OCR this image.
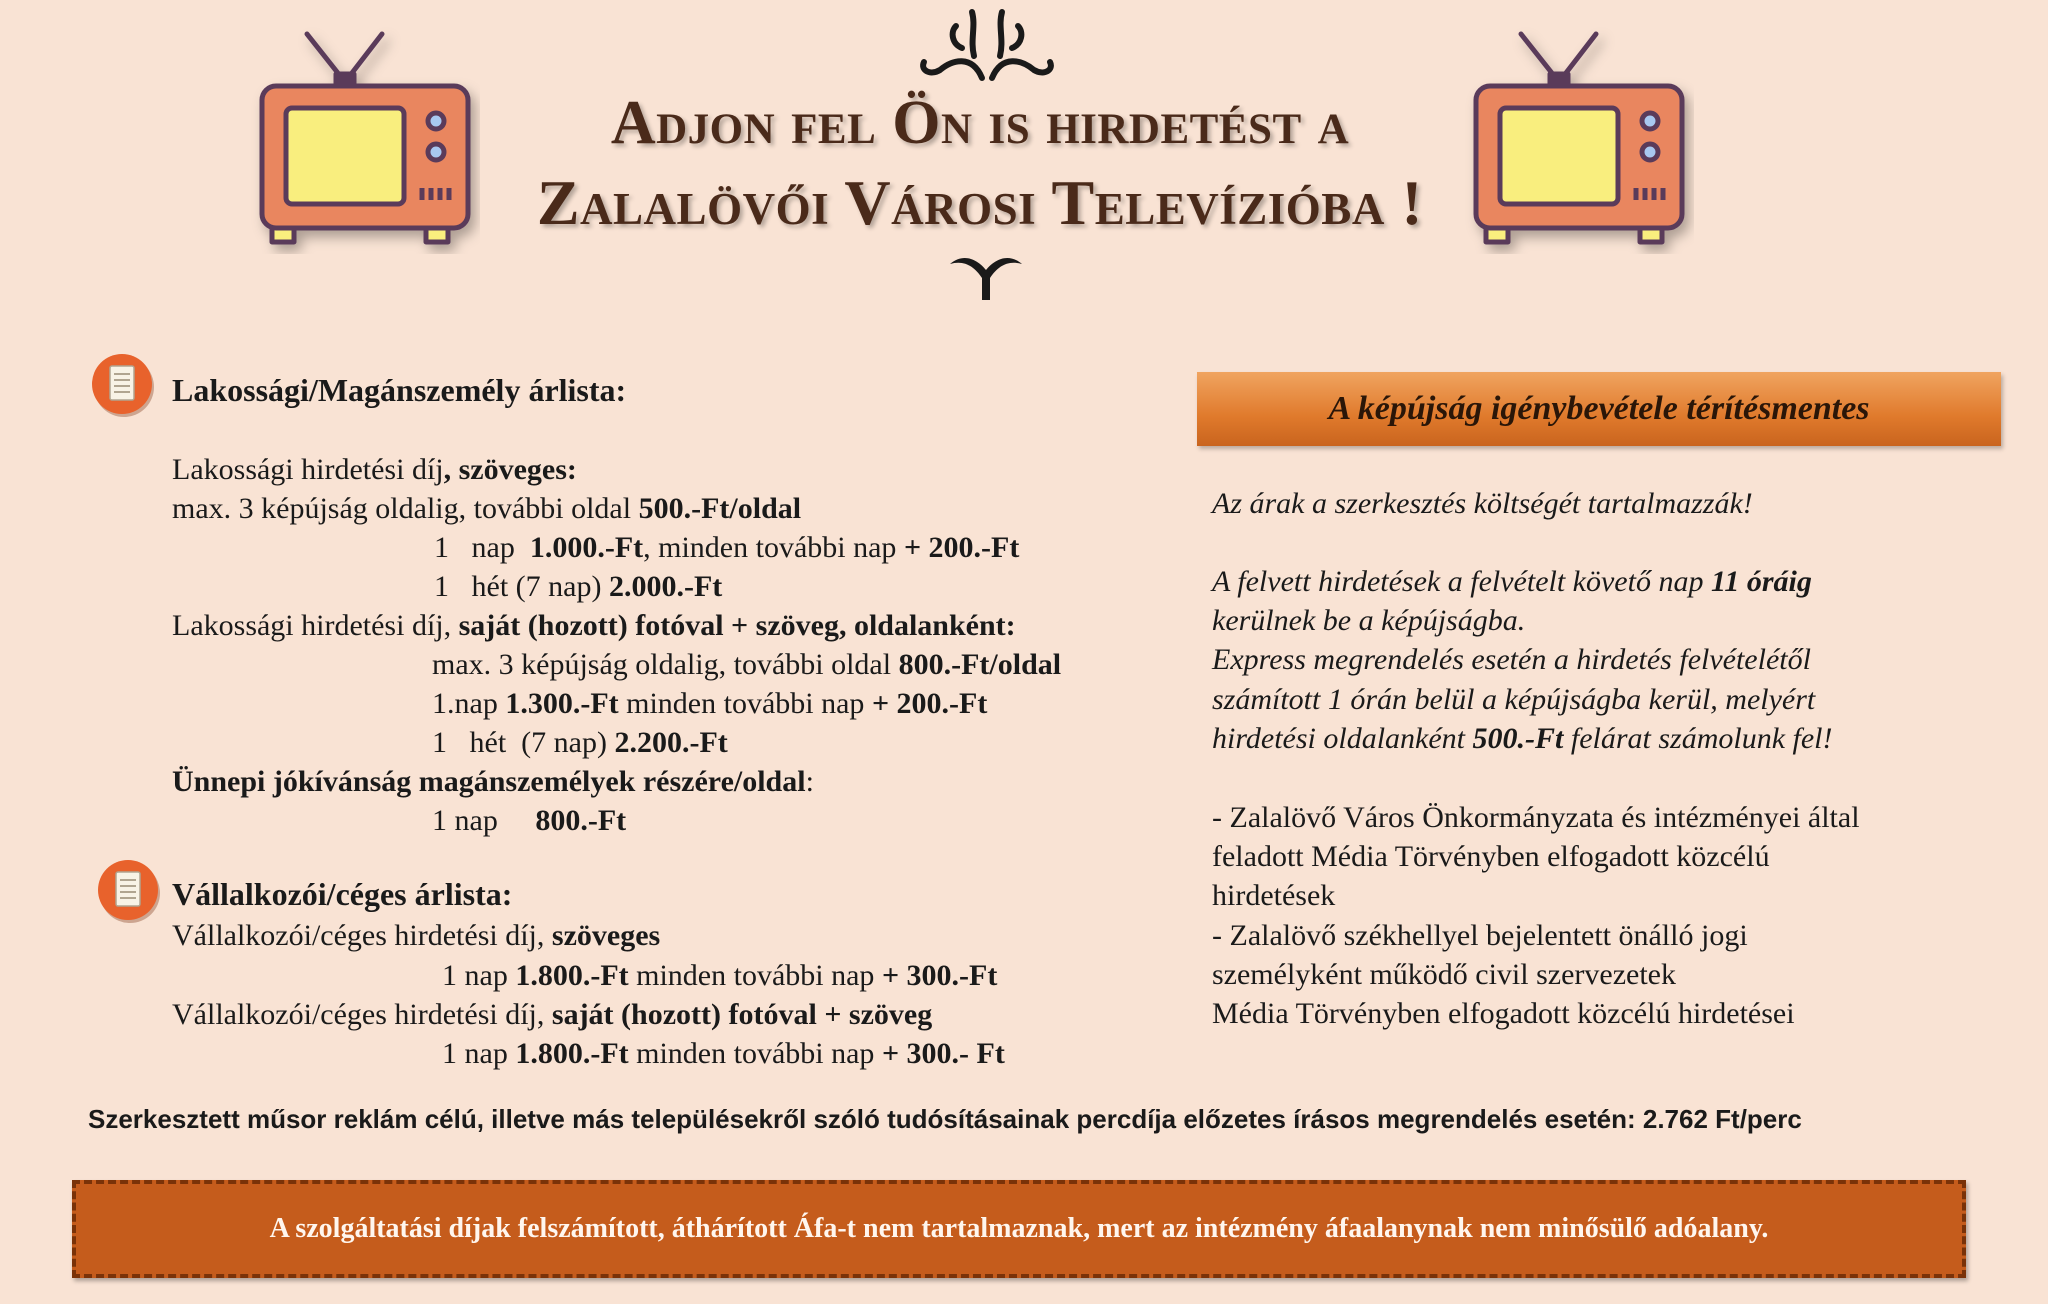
Adjon fel Ön is hirdetést a
Zalalövői Városi Televízióba !
Lakossági/Magánszemély árlista:
Lakossági hirdetési díj, szöveges:
max. 3 képújság oldalig, további oldal 500.-Ft/oldal
1   nap  1.000.-Ft, minden további nap + 200.-Ft
1   hét (7 nap) 2.000.-Ft
Lakossági hirdetési díj, saját (hozott) fotóval + szöveg, oldalanként:
max. 3 képújság oldalig, további oldal 800.-Ft/oldal
1.nap 1.300.-Ft minden további nap + 200.-Ft
1   hét  (7 nap) 2.200.-Ft
Ünnepi jókívánság magánszemélyek részére/oldal:
1 nap     800.-Ft
Vállalkozói/céges árlista:
Vállalkozói/céges hirdetési díj, szöveges
1 nap 1.800.-Ft minden további nap + 300.-Ft
Vállalkozói/céges hirdetési díj, saját (hozott) fotóval + szöveg
1 nap 1.800.-Ft minden további nap + 300.- Ft
A képújság igénybevétele térítésmentes
Az árak a szerkesztés költségét tartalmazzák!
A felvett hirdetések a felvételt követő nap 11 óráig
kerülnek be a képújságba.
Express megrendelés esetén a hirdetés felvételétől
számított 1 órán belül a képújságba kerül, melyért
hirdetési oldalanként 500.-Ft felárat számolunk fel!
- Zalalövő Város Önkormányzata és intézményei által
feladott Média Törvényben elfogadott közcélú
hirdetések
- Zalalövő székhellyel bejelentett önálló jogi
személyként működő civil szervezetek
Média Törvényben elfogadott közcélú hirdetései
Szerkesztett műsor reklám célú, illetve más településekről szóló tudósításainak percdíja előzetes írásos megrendelés esetén: 2.762 Ft/perc
A szolgáltatási díjak felszámított, áthárított Áfa-t nem tartalmaznak, mert az intézmény áfaalanynak nem minősülő adóalany.
